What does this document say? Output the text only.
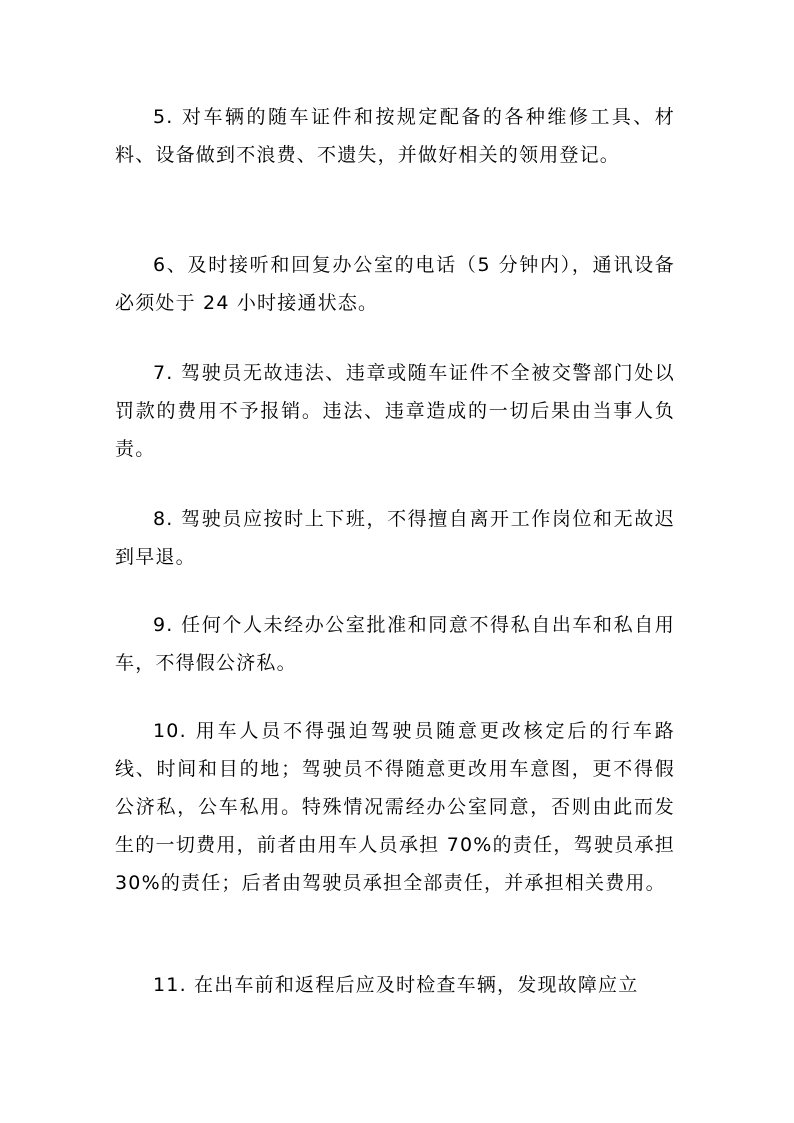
5. 对车辆的随车证件和按规定配备的各种维修工具、材料、设备做到不浪费、不遗失，并做好相关的领用登记。

6、及时接听和回复办公室的电话（5 分钟内），通讯设备必须处于 24 小时接通状态。

7. 驾驶员无故违法、违章或随车证件不全被交警部门处以罚款的费用不予报销。违法、违章造成的一切后果由当事人负责。

8. 驾驶员应按时上下班，不得擅自离开工作岗位和无故迟到早退。

9. 任何个人未经办公室批准和同意不得私自出车和私自用车，不得假公济私。

10. 用车人员不得强迫驾驶员随意更改核定后的行车路线、时间和目的地；驾驶员不得随意更改用车意图，更不得假公济私，公车私用。特殊情况需经办公室同意，否则由此而发生的一切费用，前者由用车人员承担 70%的责任，驾驶员承担 30%的责任；后者由驾驶员承担全部责任，并承担相关费用。

11. 在出车前和返程后应及时检查车辆，发现故障应立
